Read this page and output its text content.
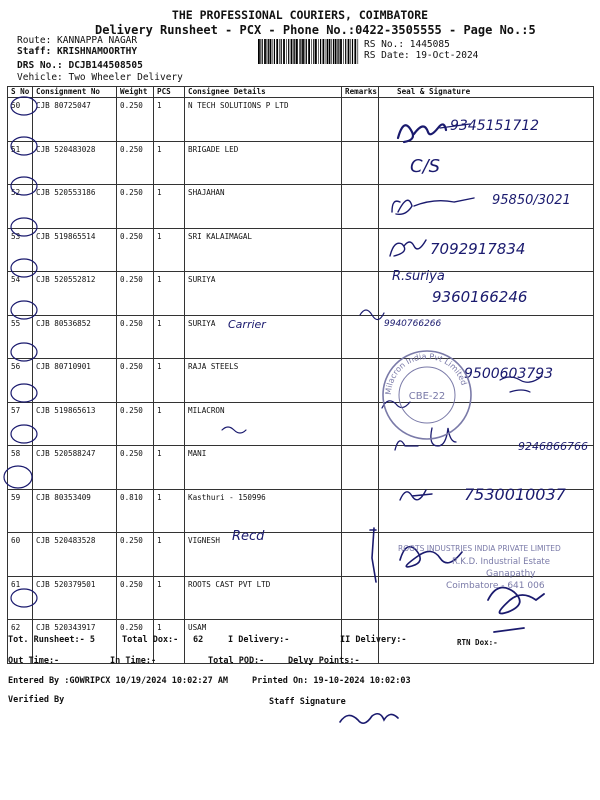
THE PROFESSIONAL COURIERS, COIMBATORE
Delivery Runsheet - PCX - Phone No.:0422-3505555 - Page No.:5
Route: KANNAPPA NAGAR
Staff: KRISHNAMOORTHY
DRS No.: DCJB144508505
Vehicle: Two Wheeler Delivery
RS No.: 1445085
RS Date: 19-Oct-2024
S No	Consignment No	Weight	PCS	Consignee Details	Remarks	Seal & Signature
50	CJB 80725047	0.250	1	N TECH SOLUTIONS P LTD		
51	CJB 520483028	0.250	1	BRIGADE LED		
52	CJB 520553186	0.250	1	SHAJAHAN		
53	CJB 519865514	0.250	1	SRI KALAIMAGAL		
54	CJB 520552812	0.250	1	SURIYA		
55	CJB 80536852	0.250	1	SURIYA		
56	CJB 80710901	0.250	1	RAJA STEELS		
57	CJB 519865613	0.250	1	MILACRON		
58	CJB 520588247	0.250	1	MANI		
59	CJB 80353409	0.810	1	Kasthuri - 150996		
60	CJB 520483528	0.250	1	VIGNESH		
61	CJB 520379501	0.250	1	ROOTS CAST PVT LTD		
62	CJB 520343917	0.250	1	USAM		
9345151712
C/S
95850/3021
7092917834
R.suriya
9360166246
Carrier	9940766266
9500603793
9246866766
7530010037
Recd
Milacron India Pvt Limited
CBE-22
ROOTS INDUSTRIES INDIA PRIVATE LIMITED
R.K.D. Industrial Estate
Ganapathy
Coimbatore - 641 006
Tot. Runsheet:- 5	Total Dox:- 62	I Delivery:-	II Delivery:-	RTN Dox:-
Out Time:-	In Time:-	Total POD:-	Delvy Points:-
Entered By :GOWRIPCX 10/19/2024 10:02:27 AM	Printed On: 19-10-2024 10:02:03
Verified By	Staff Signature
